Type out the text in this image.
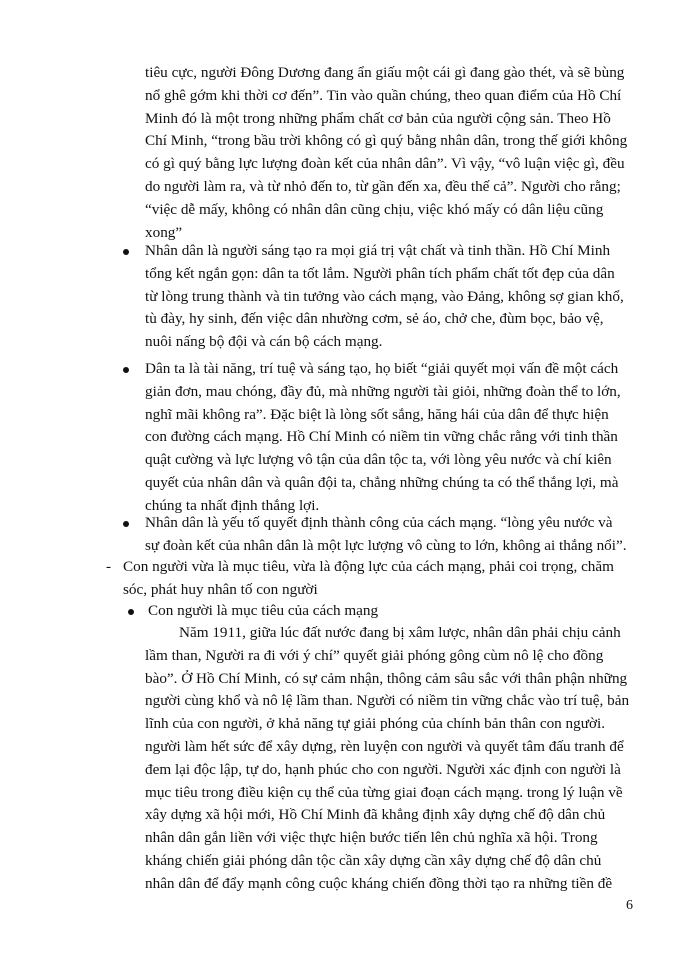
tiêu cực, người Đông Dương đang ẩn giấu một cái gì đang gào thét, và sẽ bùng
nổ ghê gớm khi thời cơ đến”. Tin vào quần chúng, theo quan điểm của Hồ Chí
Minh đó là một trong những phẩm chất cơ bản của người cộng sản. Theo Hồ
Chí Minh, “trong bầu trời không có gì quý bằng nhân dân, trong thế giới không
có gì quý bằng lực lượng đoàn kết của nhân dân”. Vì vậy, “vô luận việc gì, đều
do người làm ra, và từ nhỏ đến to, từ gần đến xa, đều thế cả”. Người cho rằng;
“việc dễ mấy, không có nhân dân cũng chịu, việc khó mấy có dân liệu cũng
xong”
Nhân dân là người sáng tạo ra mọi giá trị vật chất và tinh thần. Hồ Chí Minh
tổng kết ngắn gọn: dân ta tốt lắm. Người phân tích phẩm chất tốt đẹp của dân
từ lòng trung thành và tin tưởng vào cách mạng, vào Đảng, không sợ gian khổ,
tù đày, hy sinh, đến việc dân nhường cơm, sẻ áo, chở che, đùm bọc, bảo vệ,
nuôi nấng bộ đội và cán bộ cách mạng.
Dân ta là tài năng, trí tuệ và sáng tạo, họ biết “giải quyết mọi vấn đề một cách
giản đơn, mau chóng, đầy đủ, mà những người tài giỏi, những đoàn thể to lớn,
nghĩ mãi không ra”. Đặc biệt là lòng sốt sắng, hăng hái của dân để thực hiện
con đường cách mạng. Hồ Chí Minh có niềm tin vững chắc rằng với tinh thần
quật cường và lực lượng vô tận của dân tộc ta, với lòng yêu nước và chí kiên
quyết của nhân dân và quân đội ta, chẳng những chúng ta có thể thắng lợi, mà
chúng ta nhất định thắng lợi.
Nhân dân là yếu tố quyết định thành công của cách mạng. “lòng yêu nước và
sự đoàn kết của nhân dân là một lực lượng vô cùng to lớn, không ai thắng nổi”.
- Con người vừa là mục tiêu, vừa là động lực của cách mạng, phải coi trọng, chăm
sóc, phát huy nhân tố con người
Con người là mục tiêu của cách mạng
Năm 1911, giữa lúc đất nước đang bị xâm lược, nhân dân phải chịu cảnh
lầm than, Người ra đi với ý chí” quyết giải phóng gông cùm nô lệ cho đồng
bào”. Ở Hồ Chí Minh, có sự cảm nhận, thông cảm sâu sắc với thân phận những
người cùng khổ và nô lệ lầm than. Người có niềm tin vững chắc vào trí tuệ, bản
lĩnh của con người, ở khả năng tự giải phóng của chính bản thân con người.
người làm hết sức để xây dựng, rèn luyện con người và quyết tâm đấu tranh để
đem lại độc lập, tự do, hạnh phúc cho con người. Người xác định con người là
mục tiêu trong điều kiện cụ thể của từng giai đoạn cách mạng. trong lý luận về
xây dựng xã hội mới, Hồ Chí Minh đã khẳng định xây dựng chế độ dân chủ
nhân dân gắn liền với việc thực hiện bước tiến lên chủ nghĩa xã hội. Trong
kháng chiến giải phóng dân tộc cần xây dựng cần xây dựng chế độ dân chủ
nhân dân để đẩy mạnh công cuộc kháng chiến đồng thời tạo ra những tiền đề
6
